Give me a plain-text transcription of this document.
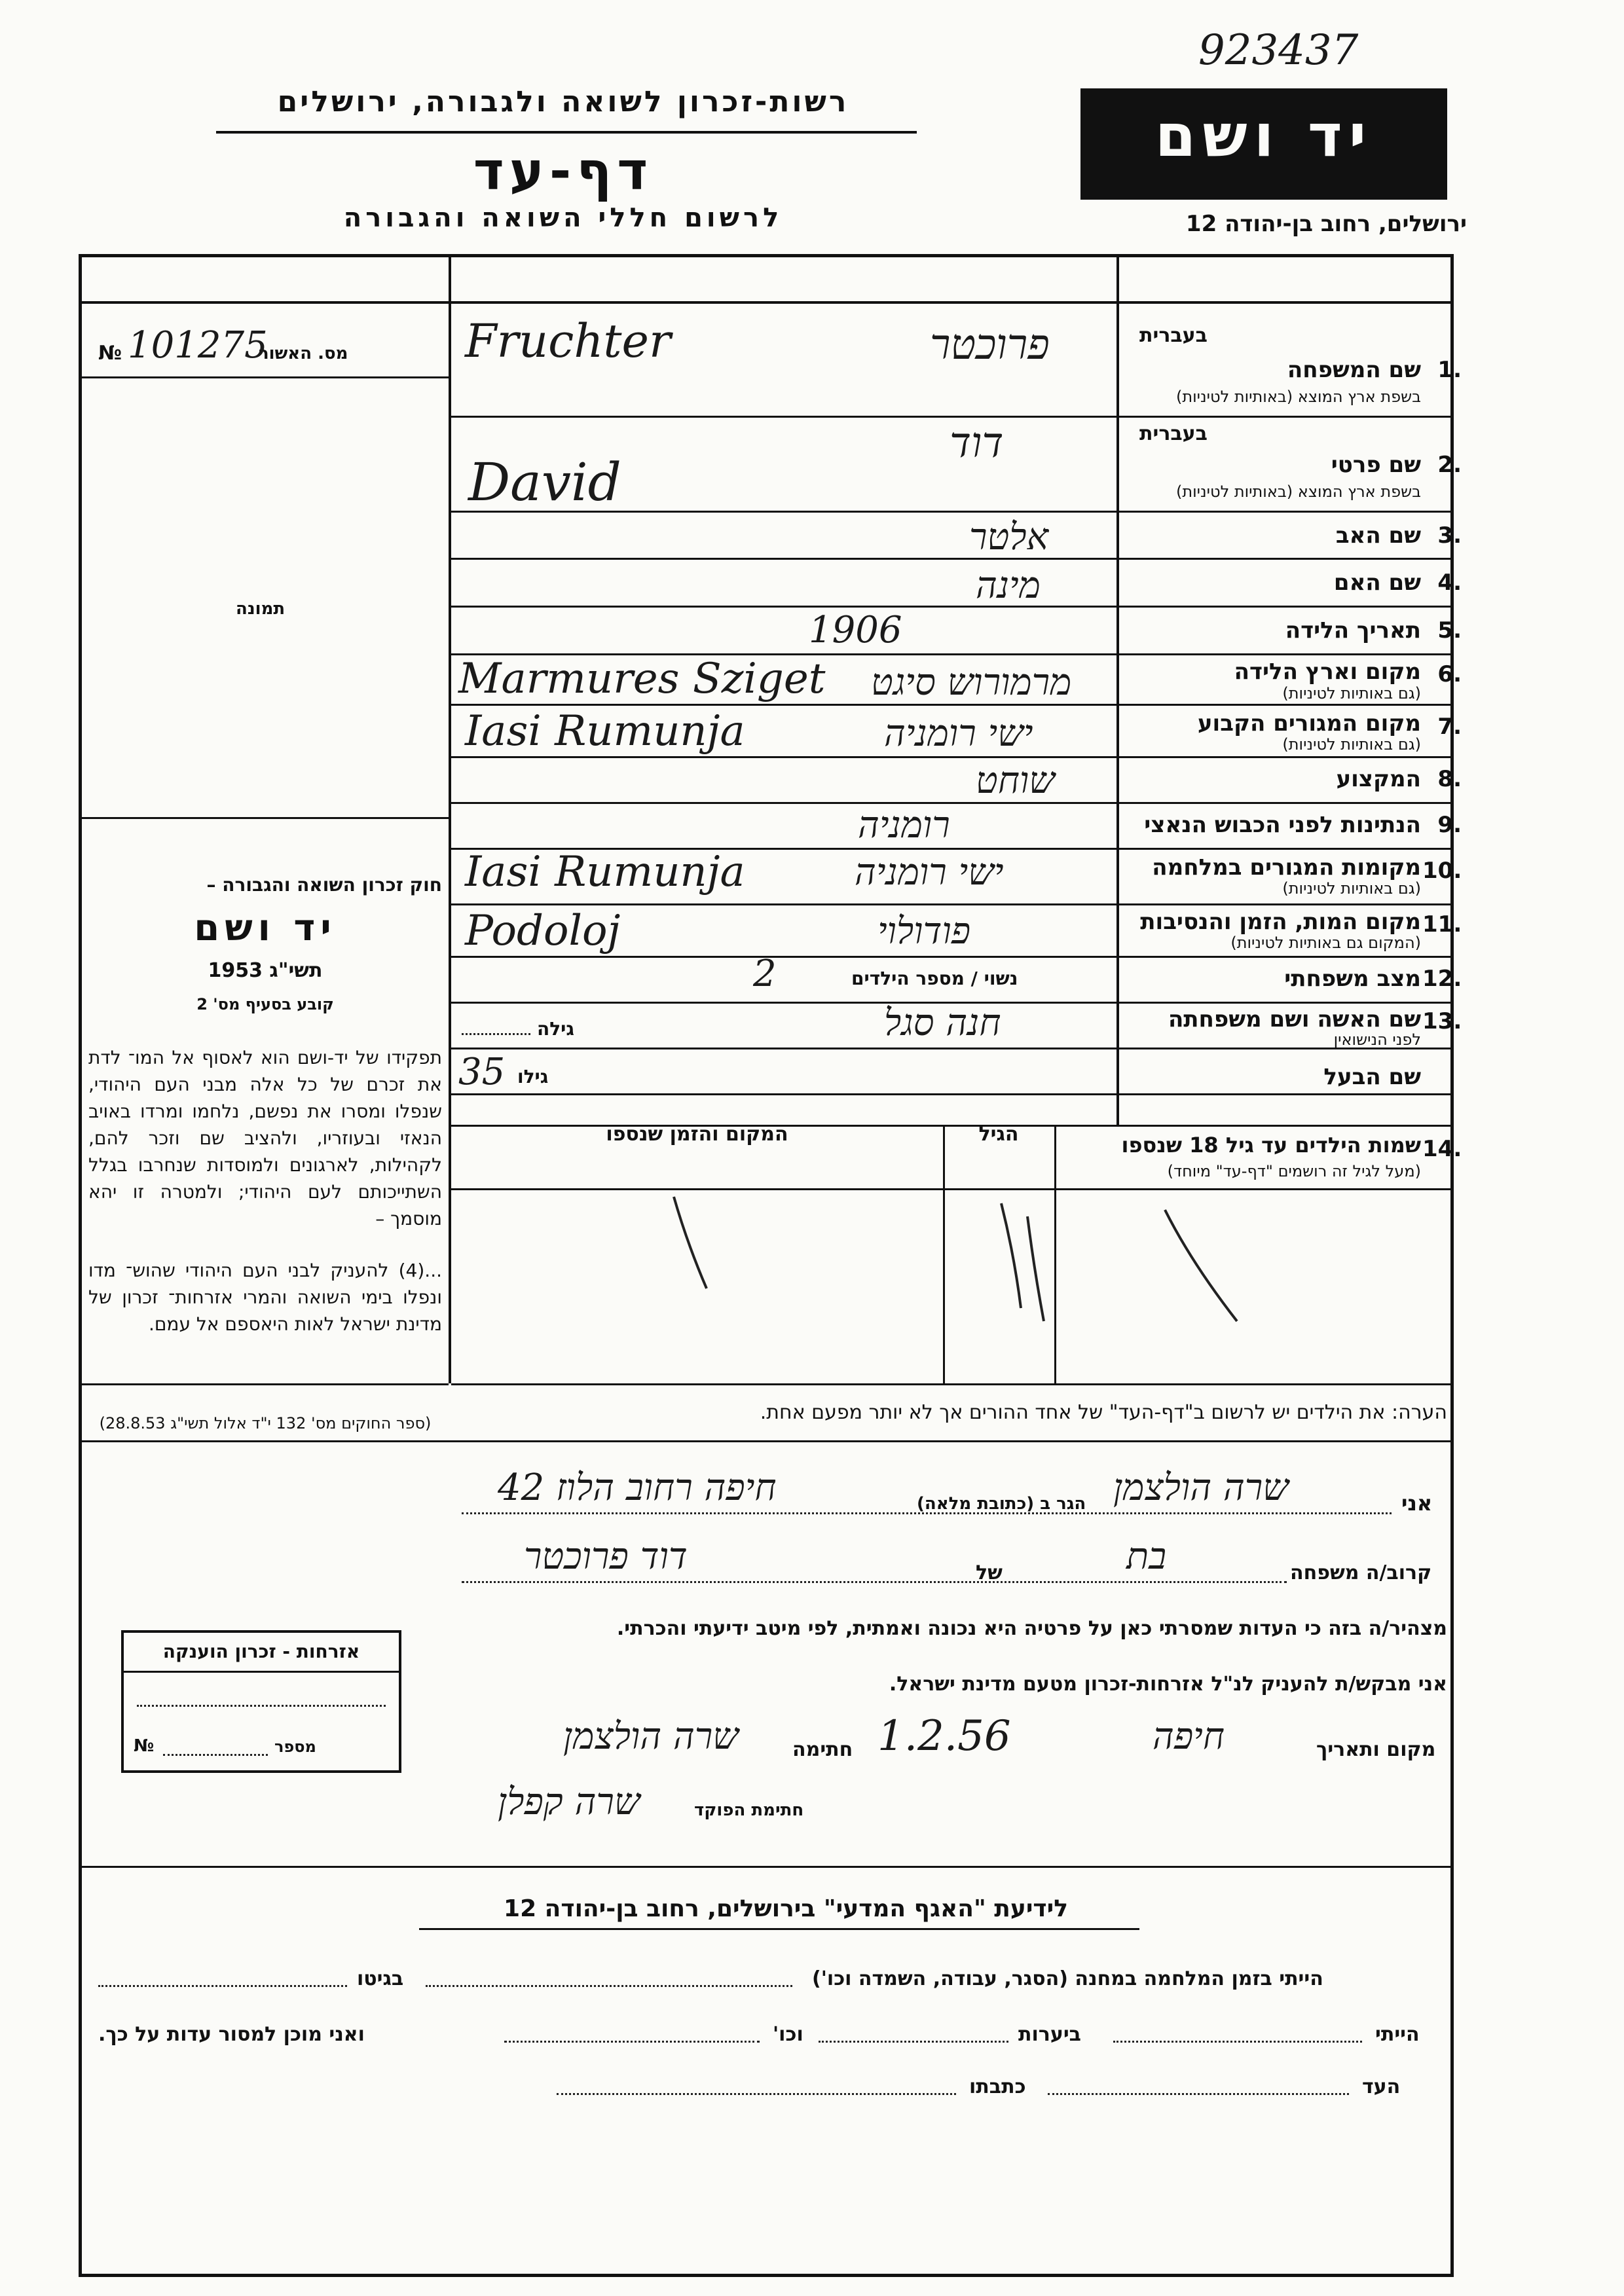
923437
רשות-זכרון לשואה ולגבורה, ירושלים
דף-עד
לרשום חללי השואה והגבורה
יד ושם
ירושלים, רחוב בן-יהודה 12
מס. האשור
№ 101275
תמונה
חוק זכרון השואה והגבורה –
יד ושם
תשי"ג 1953
קובע בסעיף מס' 2
תפקידו של יד-ושם הוא לאסוף אל המו־ לדת את זכרם של כל אלה מבני העם היהודי, שנפלו ומסרו את נפשם, נלחמו ומרדו באויב הנאזי ובעוזריו, ולהציב שם וזכר להם, לקהילות, לארגונים ולמוסדות שנחרבו בגלל השתייכותם לעם היהודי; ולמטרה זו יהא מוסמך –
...(4) להעניק לבני העם היהודי שהוש־ מדו ונפלו בימי השואה והמרי אזרחות־ זכרון של מדינת ישראל לאות היאספם אל עמם.
(ספר החוקים מס' 132 י"ד אלול תשי"ג 28.8.53)
1.
שם המשפחה
בשפת ארץ המוצא (באותיות לטיניות)
בעברית
פרוכטר
Fruchter
2.
שם פרטי
בשפת ארץ המוצא (באותיות לטיניות)
בעברית
דוד
David
3.
שם האב
אלטר
4.
שם האם
מינה
5.
תאריך הלידה
1906
6.
מקום וארץ הלידה
(גם באותיות לטיניות)
מרמורוש סיגט
Marmures Sziget
7.
מקום המגורים הקבוע
(גם באותיות לטיניות)
ישי רומניה
Iasi Rumunja
8.
המקצוע
שוחט
9.
הנתינות לפני הכבוש הנאצי
רומניה
10.
מקומות המגורים במלחמה
(גם באותיות לטיניות)
ישי רומניה
Iasi Rumunja
11.
מקום המות, הזמן והנסיבות
(המקום גם באותיות לטיניות)
פודולוי
Podoloj
12.
מצב משפחתי
נשוי / מספר הילדים
2
13.
שם האשה ושם משפחתה
לפני הנישואין
חנה סגל
גילה
שם הבעל
גילו
35
14.
שמות הילדים עד גיל 18 שנספו
(מעל לגיל זה רושמים "דף-עד" מיוחד)
הגיל
המקום והזמן שנספו
הערה: את הילדים יש לרשום ב"דף-העד" של אחד ההורים אך לא יותר מפעם אחת.
אני
שרה הולצמן
הגר ב (כתובת מלאה)
חיפה רחוב הלוז 42
קרוב/ה משפחה
בת
של
דוד פרוכטר
מצהיר/ה בזה כי העדות שמסרתי כאן על פרטיה היא נכונה ואמתית, לפי מיטב ידיעתי והכרתי.
אני מבקש/ת להעניק לנ"ל אזרחות-זכרון מטעם מדינת ישראל.
מקום ותאריך
חיפה
1.2.56
חתימה
שרה הולצמן
חתימת הפוקד
שרה קפלן
אזרחות - זכרון הוענקה
מספר
№
לידיעת "האגף המדעי" בירושלים, רחוב בן-יהודה 12
הייתי בזמן המלחמה במחנה (הסגר, עבודה, השמדה וכו')
בגיטו
הייתי
ביערות
וכו'
ואני מוכן למסור עדות על כך.
העד
כתבתו
